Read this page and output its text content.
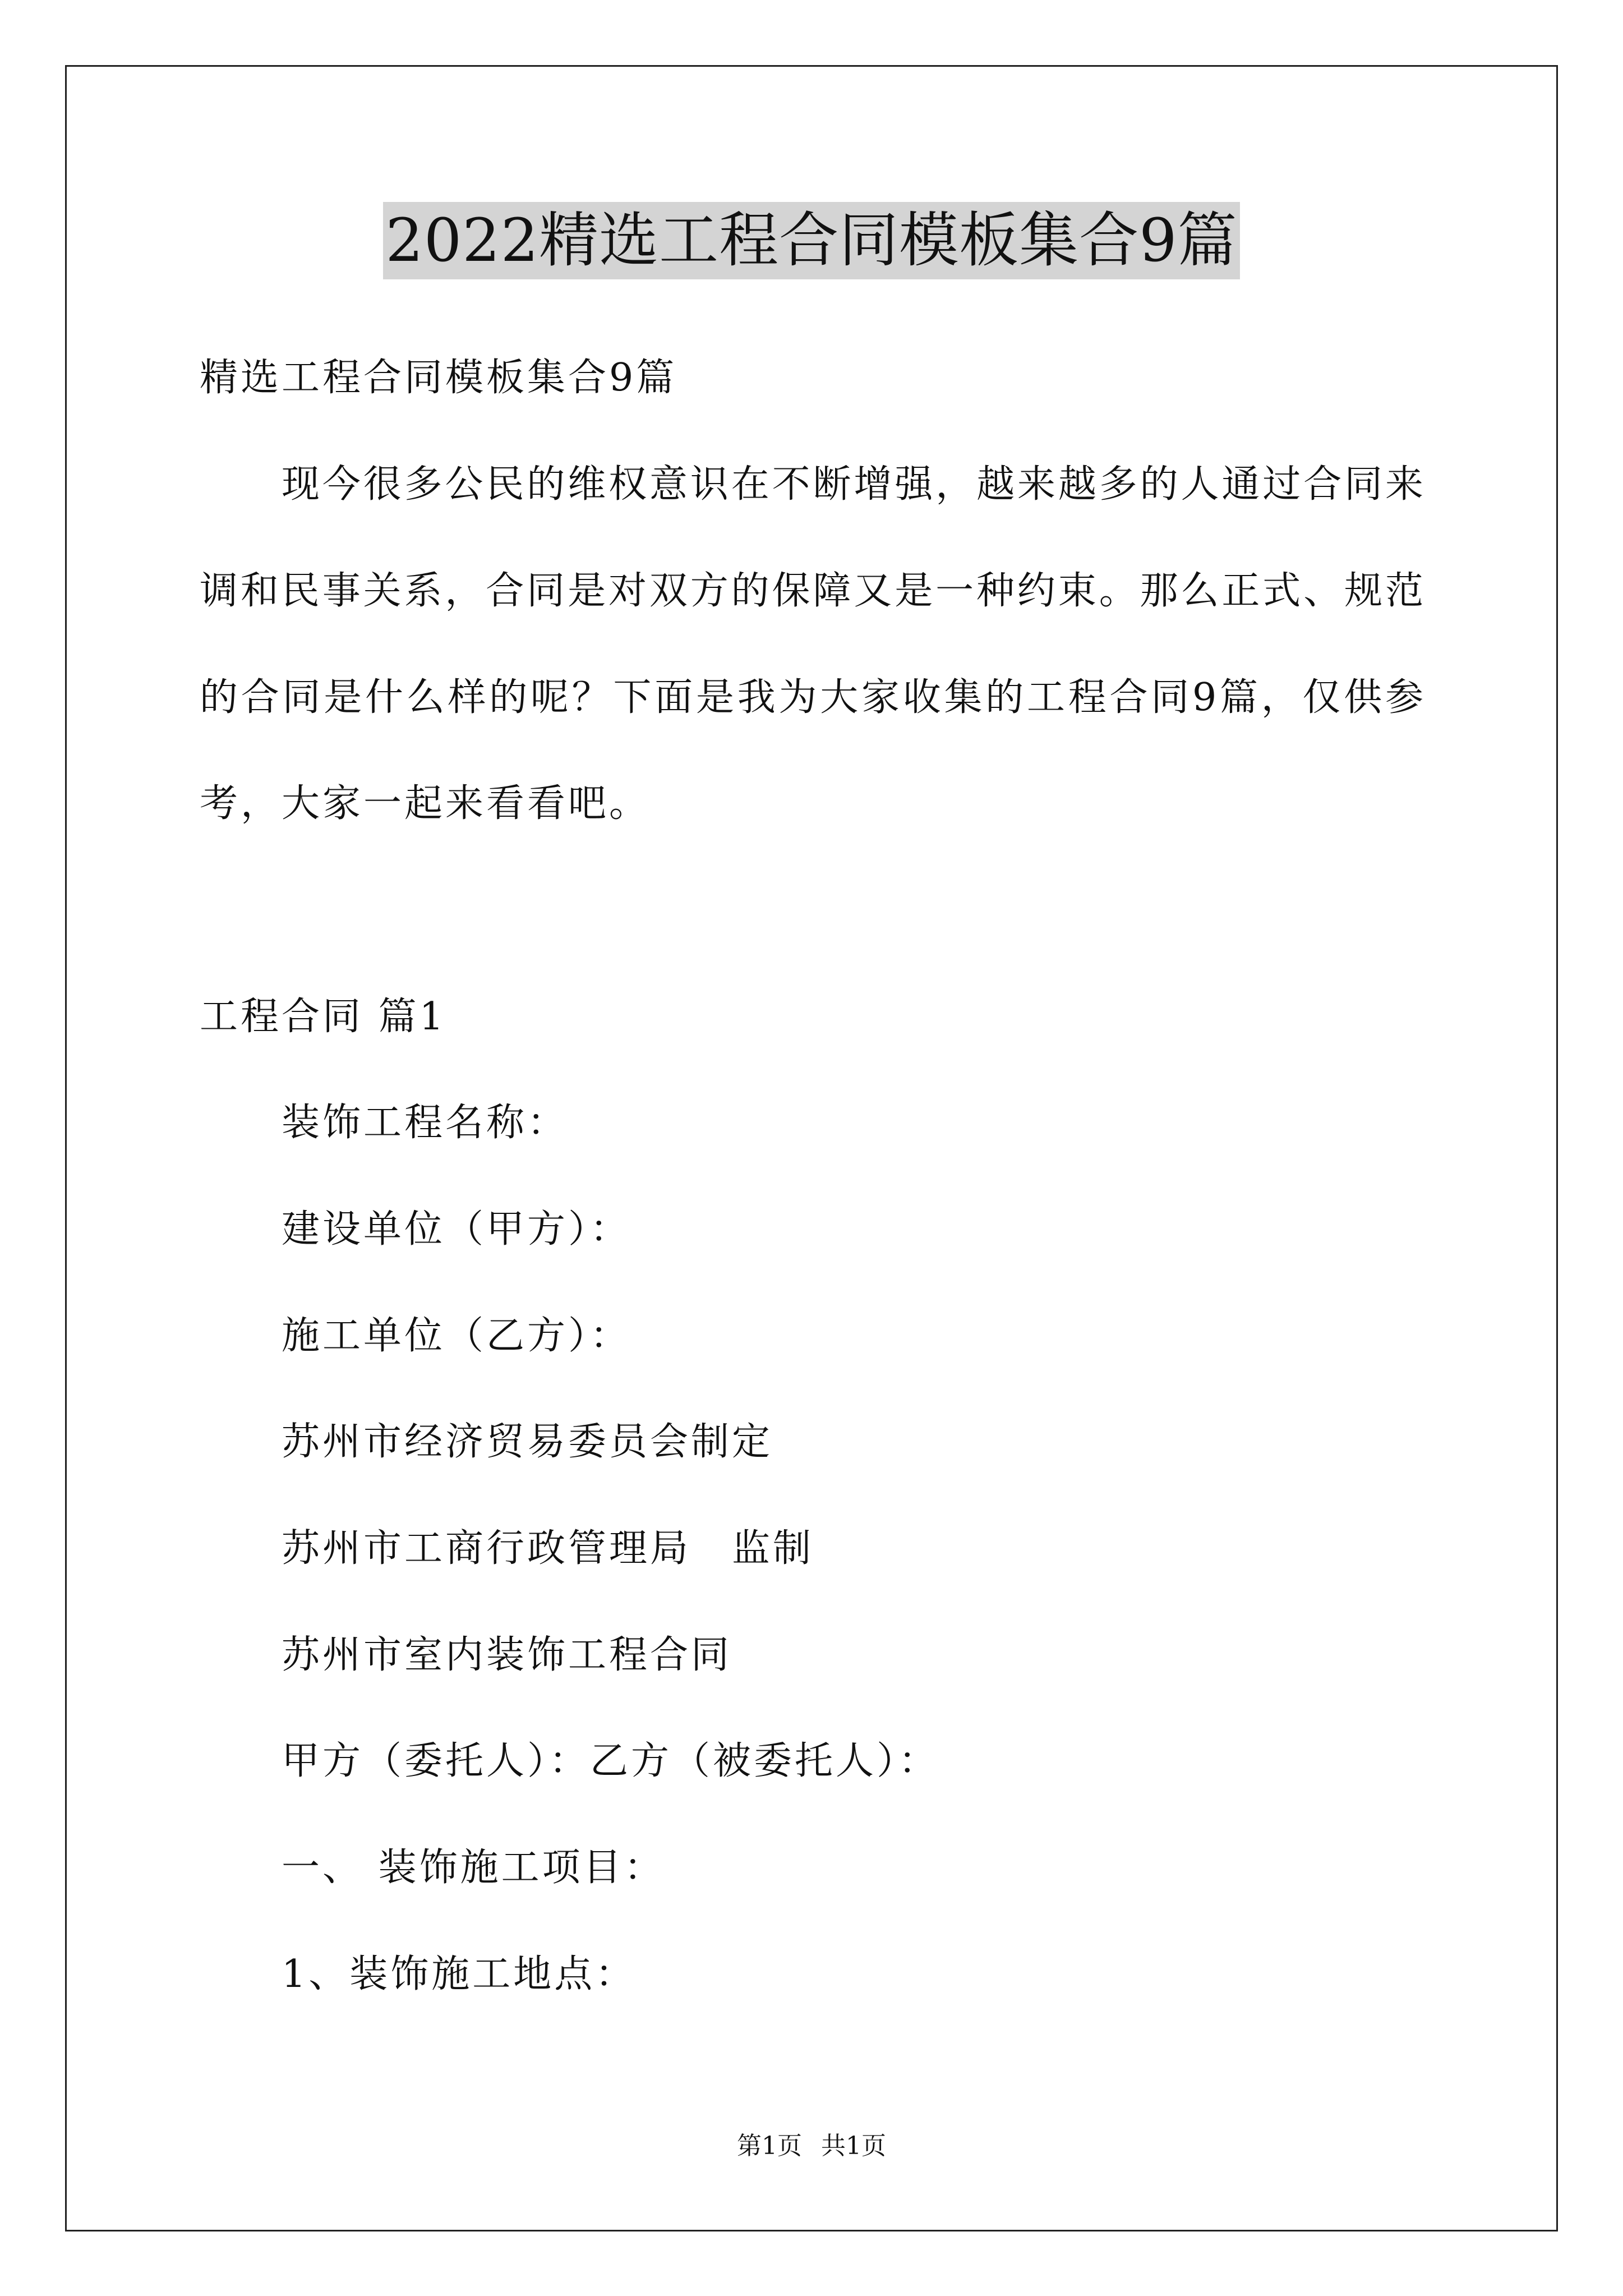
2022精选工程合同模板集合9篇
精选工程合同模板集合9篇
现今很多公民的维权意识在不断增强，越来越多的人通过合同来
调和民事关系，合同是对双方的保障又是一种约束。那么正式、规范
的合同是什么样的呢？下面是我为大家收集的工程合同9篇，仅供参
考，大家一起来看看吧。
工程合同 篇1
装饰工程名称：
建设单位（甲方）：
施工单位（乙方）：
苏州市经济贸易委员会制定
苏州市工商行政管理局　监制
苏州市室内装饰工程合同
甲方（委托人）：乙方（被委托人）：
一、 装饰施工项目：
1、装饰施工地点：
第1页 共1页
